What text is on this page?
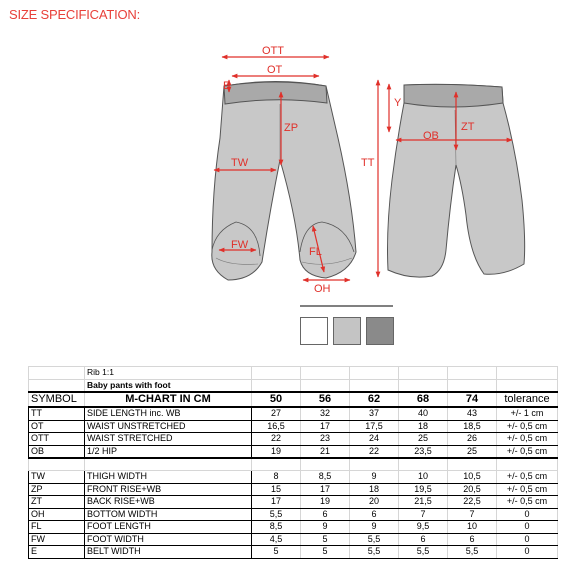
SIZE SPECIFICATION:
OTT
OT
E
ZP
TW
FW
FL
OH
Y
TT
OB
ZT
	Rib 1:1						
	Baby pants with foot						
SYMBOL	M-CHART IN CM	50	56	62	68	74	tolerance
TT	SIDE LENGTH inc. WB	27	32	37	40	43	+/- 1 cm
OT	WAIST UNSTRETCHED	16,5	17	17,5	18	18,5	+/- 0,5 cm
OTT	WAIST STRETCHED	22	23	24	25	26	+/- 0,5 cm
OB	1/2 HIP	19	21	22	23,5	25	+/- 0,5 cm

TW	THIGH WIDTH	8	8,5	9	10	10,5	+/- 0,5 cm
ZP	FRONT RISE+WB	15	17	18	19,5	20,5	+/- 0,5 cm
ZT	BACK RISE+WB	17	19	20	21,5	22,5	+/- 0,5 cm
OH	BOTTOM WIDTH	5,5	6	6	7	7	0
FL	FOOT LENGTH	8,5	9	9	9,5	10	0
FW	FOOT WIDTH	4,5	5	5,5	6	6	0
E	BELT WIDTH	5	5	5,5	5,5	5,5	0
